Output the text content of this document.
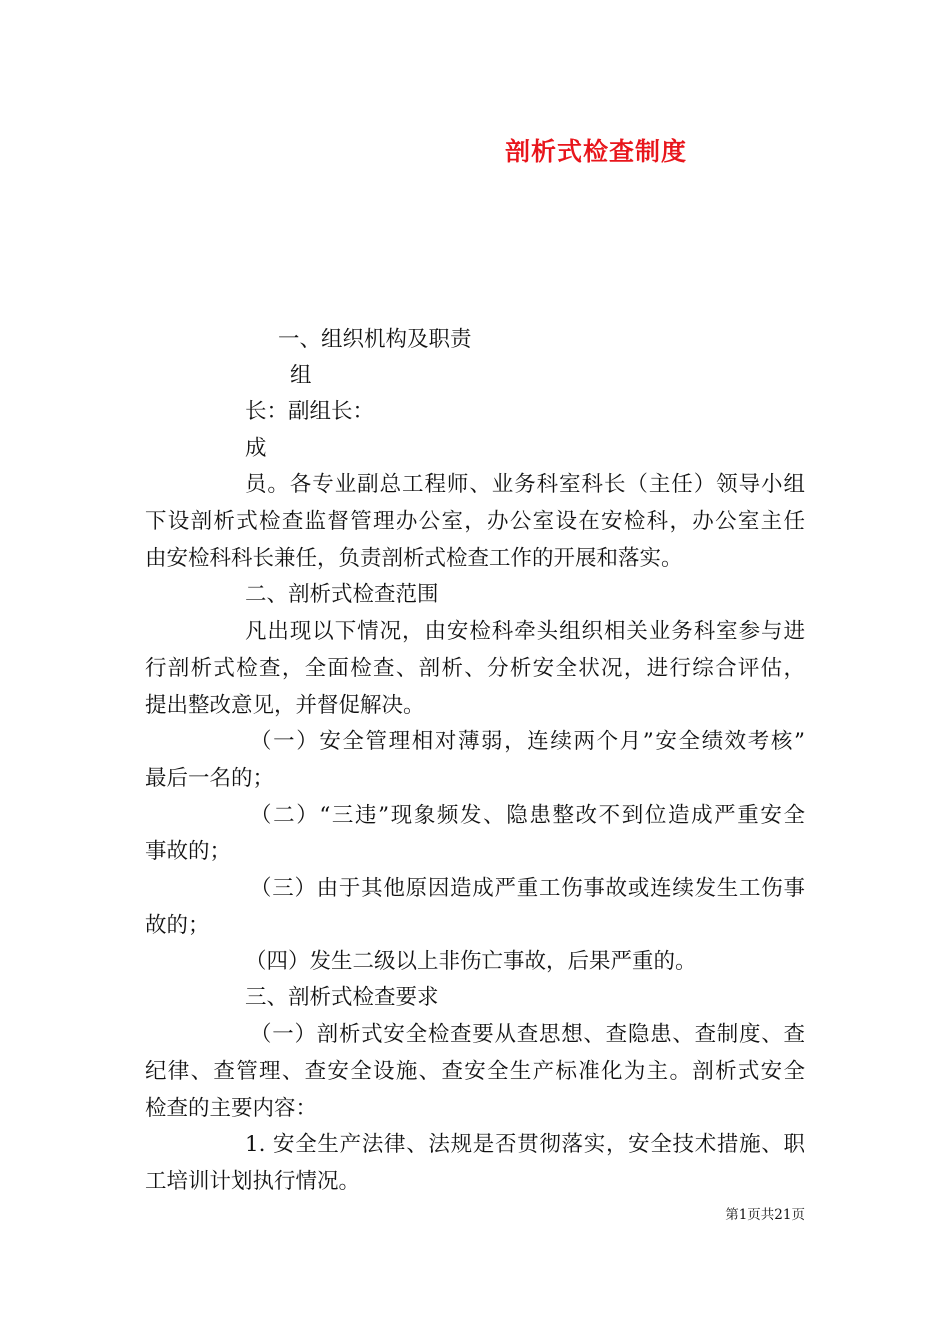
剖析式检查制度
一、组织机构及职责
组
长：副组长：
成
员。各专业副总工程师、业务科室科长（主任）领导小组
下设剖析式检查监督管理办公室，办公室设在安检科，办公室主任
由安检科科长兼任，负责剖析式检查工作的开展和落实。
二、剖析式检查范围
凡出现以下情况，由安检科牵头组织相关业务科室参与进
行剖析式检查，全面检查、剖析、分析安全状况，进行综合评估，
提出整改意见，并督促解决。
（一）安全管理相对薄弱，连续两个月”安全绩效考核”
最后一名的；
（二）“三违”现象频发、隐患整改不到位造成严重安全
事故的；
（三）由于其他原因造成严重工伤事故或连续发生工伤事
故的；
（四）发生二级以上非伤亡事故，后果严重的。
三、剖析式检查要求
（一）剖析式安全检查要从查思想、查隐患、查制度、查
纪律、查管理、查安全设施、查安全生产标准化为主。剖析式安全
检查的主要内容：
1. 安全生产法律、法规是否贯彻落实，安全技术措施、职
工培训计划执行情况。
第1页共21页
